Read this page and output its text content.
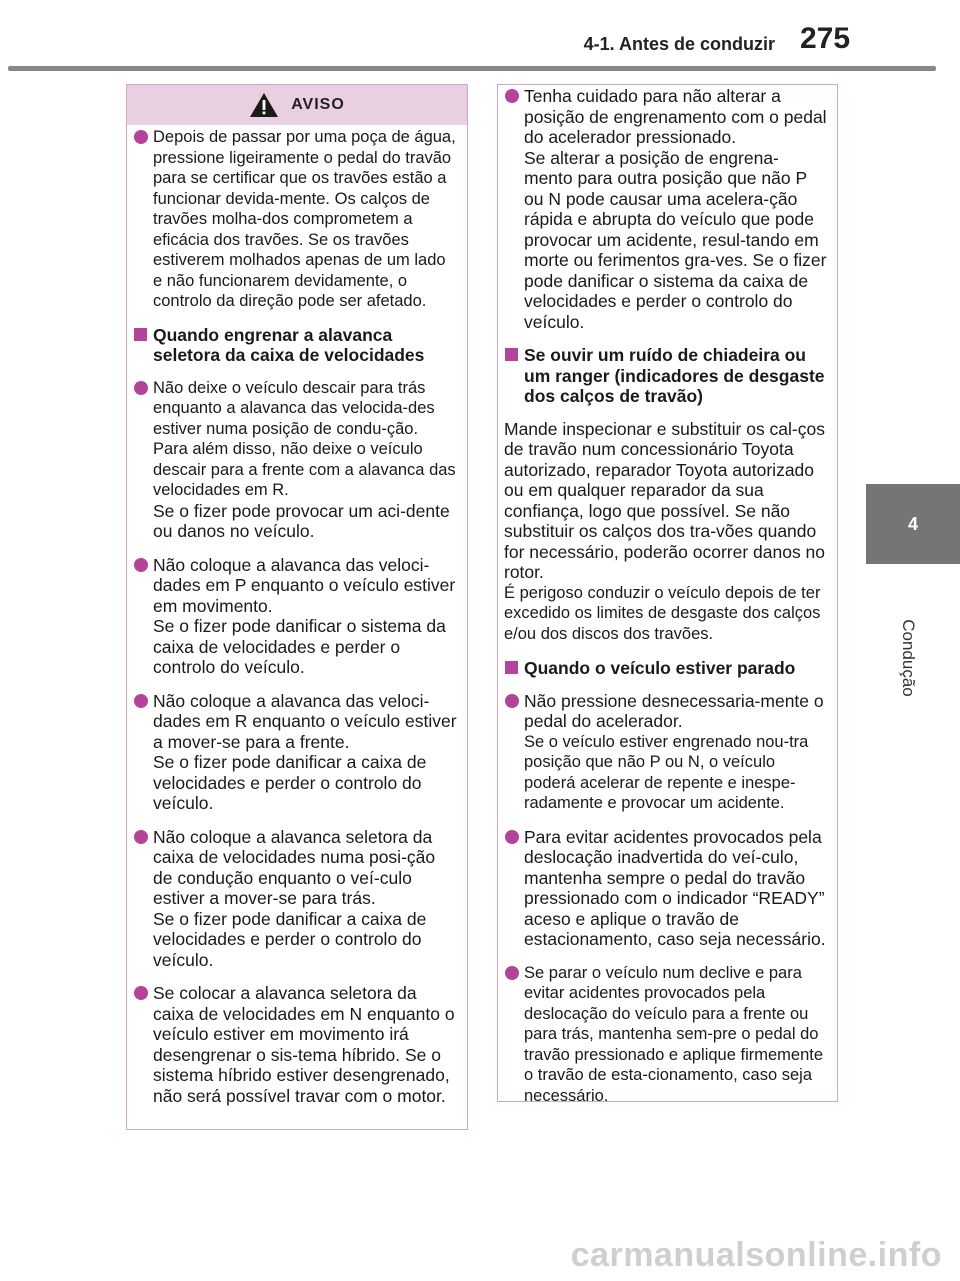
4-1. Antes de conduzir 275
4
Condução
AVISO

Depois de passar por uma poça de água, pressione ligeiramente o pedal do travão para se certificar que os travões estão a funcionar devida-mente. Os calços de travões molha-dos comprometem a eficácia dos travões. Se os travões estiverem molhados apenas de um lado e não funcionarem devidamente, o controlo da direção pode ser afetado.

Quando engrenar a alavanca seletora da caixa de velocidades

Não deixe o veículo descair para trás enquanto a alavanca das velocida-des estiver numa posição de condu-ção. Para além disso, não deixe o veículo descair para a frente com a alavanca das velocidades em R.

Se o fizer pode provocar um aci-dente ou danos no veículo.

Não coloque a alavanca das veloci-dades em P enquanto o veículo estiver em movimento.

Se o fizer pode danificar o sistema da caixa de velocidades e perder o controlo do veículo.

Não coloque a alavanca das veloci-dades em R enquanto o veículo estiver a mover-se para a frente.

Se o fizer pode danificar a caixa de velocidades e perder o controlo do veículo.

Não coloque a alavanca seletora da caixa de velocidades numa posi-ção de condução enquanto o veí-culo estiver a mover-se para trás.

Se o fizer pode danificar a caixa de velocidades e perder o controlo do veículo.

Se colocar a alavanca seletora da caixa de velocidades em N enquanto o veículo estiver em movimento irá desengrenar o sis-tema híbrido. Se o sistema híbrido estiver desengrenado, não será possível travar com o motor.

Tenha cuidado para não alterar a posição de engrenamento com o pedal do acelerador pressionado.

Se alterar a posição de engrena-mento para outra posição que não P ou N pode causar uma acelera-ção rápida e abrupta do veículo que pode provocar um acidente, resul-tando em morte ou ferimentos gra-ves. Se o fizer pode danificar o sistema da caixa de velocidades e perder o controlo do veículo.

Se ouvir um ruído de chiadeira ou um ranger (indicadores de desgaste dos calços de travão)

Mande inspecionar e substituir os cal-ços de travão num concessionário Toyota autorizado, reparador Toyota autorizado ou em qualquer reparador da sua confiança, logo que possível. Se não substituir os calços dos tra-vões quando for necessário, poderão ocorrer danos no rotor.

É perigoso conduzir o veículo depois de ter excedido os limites de desgaste dos calços e/ou dos discos dos travões.

Quando o veículo estiver parado

Não pressione desnecessaria-mente o pedal do acelerador.

Se o veículo estiver engrenado nou-tra posição que não P ou N, o veículo poderá acelerar de repente e inespe-radamente e provocar um acidente.

Para evitar acidentes provocados pela deslocação inadvertida do veí-culo, mantenha sempre o pedal do travão pressionado com o indicador “READY” aceso e aplique o travão de estacionamento, caso seja necessário.

Se parar o veículo num declive e para evitar acidentes provocados pela deslocação do veículo para a frente ou para trás, mantenha sem-pre o pedal do travão pressionado e aplique firmemente o travão de esta-cionamento, caso seja necessário.

carmanualsonline.info
